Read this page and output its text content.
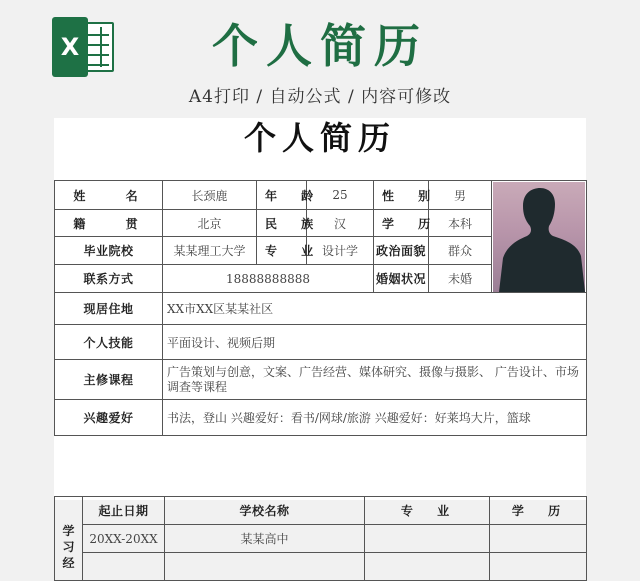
X	个人简历
A4打印 / 自动公式 / 内容可修改
个人简历
姓 名	长颈鹿	年 龄	25	性 别	男	

籍 贯	北京	民 族	汉	学 历	本科	
毕业院校	某某理工大学	专 业	设计学	政治面貌	群众	
联系方式	18888888888			婚姻状况	未婚	
现居住地	XX市XX区某某社区					
个人技能	平面设计、视频后期					
主修课程	广告策划与创意，文案、广告经营、媒体研究、摄像与摄影、 广告设计、市场调查等课程					
兴趣爱好	书法，登山 兴趣爱好：看书/网球/旅游 兴趣爱好：好莱坞大片，篮球					
学习经	起止日期	学校名称	专 业	学 历
	20XX-20XX	某某高中		
